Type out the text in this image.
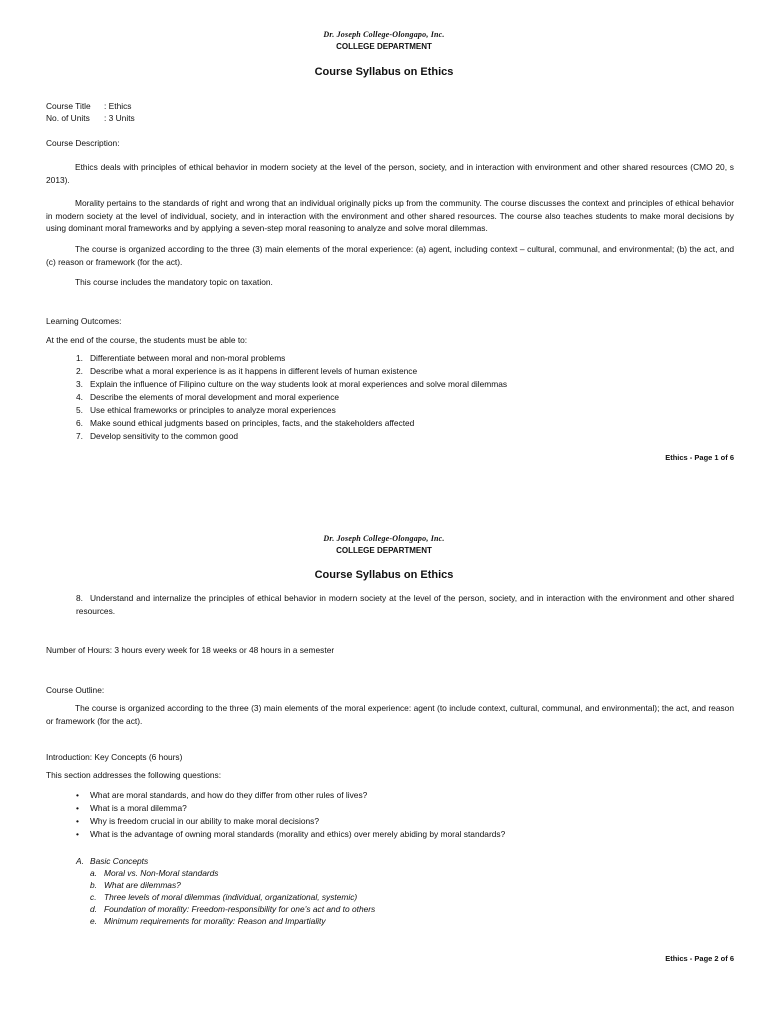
Dr. Joseph College-Olongapo, Inc.
COLLEGE DEPARTMENT
Course Syllabus on Ethics
Course Title : Ethics
No. of Units : 3 Units
Course Description:
Ethics deals with principles of ethical behavior in modern society at the level of the person, society, and in interaction with environment and other shared resources (CMO 20, s 2013).
Morality pertains to the standards of right and wrong that an individual originally picks up from the community. The course discusses the context and principles of ethical behavior in modern society at the level of individual, society, and in interaction with the environment and other shared resources. The course also teaches students to make moral decisions by using dominant moral frameworks and by applying a seven-step moral reasoning to analyze and solve moral dilemmas.
The course is organized according to the three (3) main elements of the moral experience: (a) agent, including context – cultural, communal, and environmental; (b) the act, and (c) reason or framework (for the act).
This course includes the mandatory topic on taxation.
Learning Outcomes:
At the end of the course, the students must be able to:
1. Differentiate between moral and non-moral problems
2. Describe what a moral experience is as it happens in different levels of human existence
3. Explain the influence of Filipino culture on the way students look at moral experiences and solve moral dilemmas
4. Describe the elements of moral development and moral experience
5. Use ethical frameworks or principles to analyze moral experiences
6. Make sound ethical judgments based on principles, facts, and the stakeholders affected
7. Develop sensitivity to the common good
Ethics - Page 1 of 6
Dr. Joseph College-Olongapo, Inc.
COLLEGE DEPARTMENT
Course Syllabus on Ethics
8. Understand and internalize the principles of ethical behavior in modern society at the level of the person, society, and in interaction with the environment and other shared resources.
Number of Hours: 3 hours every week for 18 weeks or 48 hours in a semester
Course Outline:
The course is organized according to the three (3) main elements of the moral experience: agent (to include context, cultural, communal, and environmental); the act, and reason or framework (for the act).
Introduction: Key Concepts (6 hours)
This section addresses the following questions:
• What are moral standards, and how do they differ from other rules of lives?
• What is a moral dilemma?
• Why is freedom crucial in our ability to make moral decisions?
• What is the advantage of owning moral standards (morality and ethics) over merely abiding by moral standards?
A. Basic Concepts
a. Moral vs. Non-Moral standards
b. What are dilemmas?
c. Three levels of moral dilemmas (individual, organizational, systemic)
d. Foundation of morality: Freedom-responsibility for one’s act and to others
e. Minimum requirements for morality: Reason and Impartiality
Ethics - Page 2 of 6
